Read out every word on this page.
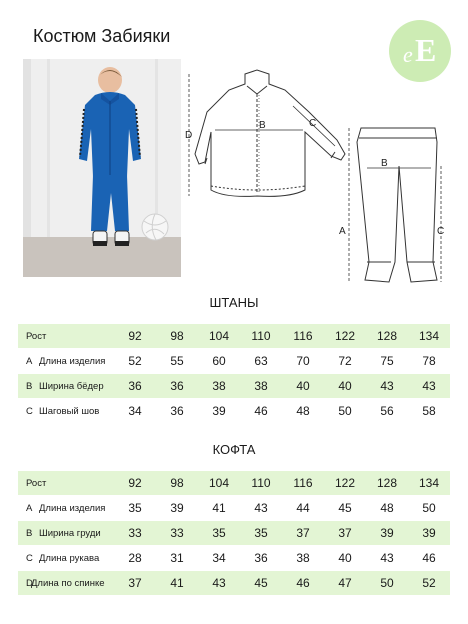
Костюм Забияки
e E
D
B	C
A
B
C
ШТАНЫ
Рост	92	98	104	110	116	122	128	134
A Длина изделия	52	55	60	63	70	72	75	78
B Ширина бёдер	36	36	38	38	40	40	43	43
C Шаговый шов	34	36	39	46	48	50	56	58
КОФТА
Рост	92	98	104	110	116	122	128	134
A Длина изделия	35	39	41	43	44	45	48	50
B Ширина груди	33	33	35	35	37	37	39	39
C Длина рукава	28	31	34	36	38	40	43	46
DДлина по спинке	37	41	43	45	46	47	50	52
